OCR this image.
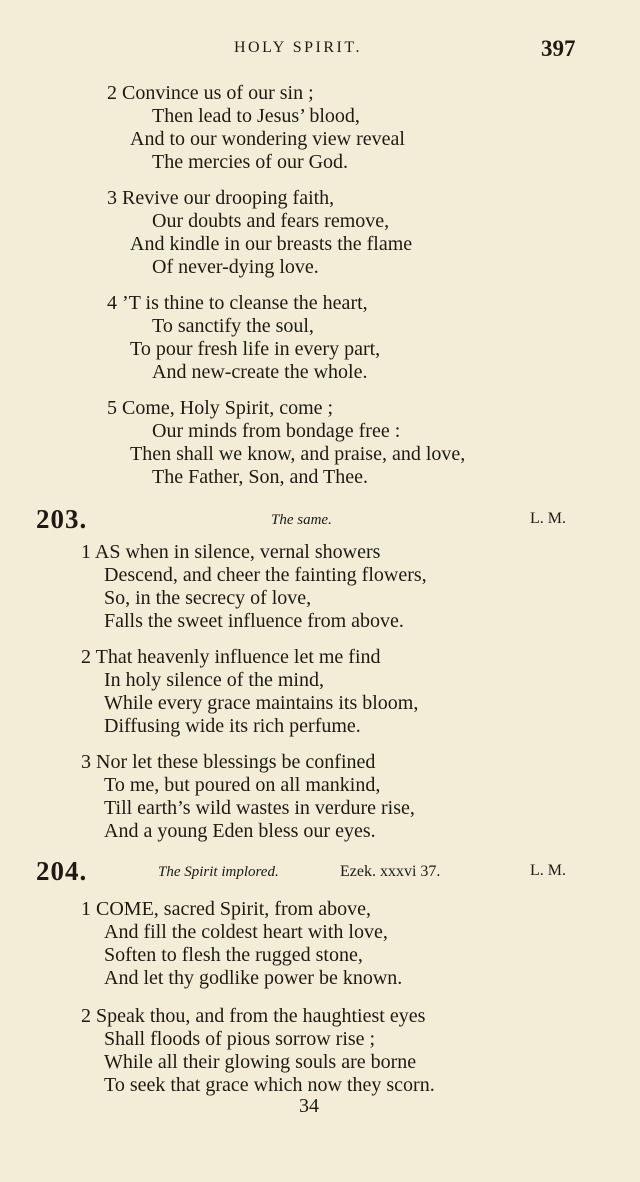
HOLY SPIRIT.	397
2 Convince us of our sin ;
Then lead to Jesus’ blood,
And to our wondering view reveal
The mercies of our God.
3 Revive our drooping faith,
Our doubts and fears remove,
And kindle in our breasts the flame
Of never-dying love.
4 ’T is thine to cleanse the heart,
To sanctify the soul,
To pour fresh life in every part,
And new-create the whole.
5 Come, Holy Spirit, come ;
Our minds from bondage free :
Then shall we know, and praise, and love,
The Father, Son, and Thee.
203.	The same.	L. M.
1 AS when in silence, vernal showers
Descend, and cheer the fainting flowers,
So, in the secrecy of love,
Falls the sweet influence from above.
2 That heavenly influence let me find
In holy silence of the mind,
While every grace maintains its bloom,
Diffusing wide its rich perfume.
3 Nor let these blessings be confined
To me, but poured on all mankind,
Till earth’s wild wastes in verdure rise,
And a young Eden bless our eyes.
204.	The Spirit implored.	Ezek. xxxvi 37.	L. M.
1 COME, sacred Spirit, from above,
And fill the coldest heart with love,
Soften to flesh the rugged stone,
And let thy godlike power be known.
2 Speak thou, and from the haughtiest eyes
Shall floods of pious sorrow rise ;
While all their glowing souls are borne
To seek that grace which now they scorn.
34
